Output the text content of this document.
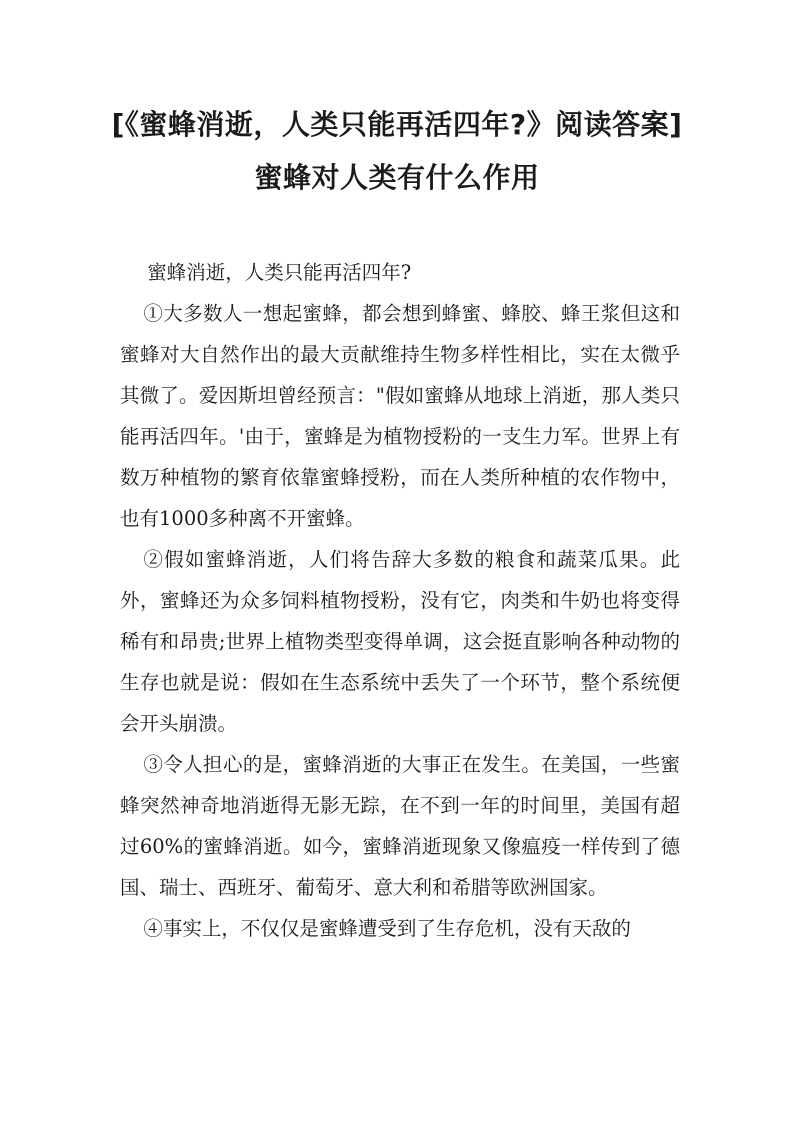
[《蜜蜂消逝，人类只能再活四年?》阅读答案]蜜蜂对人类有什么作用

蜜蜂消逝，人类只能再活四年?

①大多数人一想起蜜蜂，都会想到蜂蜜、蜂胶、蜂王浆但这和蜜蜂对大自然作出的最大贡献维持生物多样性相比，实在太微乎其微了。爱因斯坦曾经预言："假如蜜蜂从地球上消逝，那人类只能再活四年。'由于，蜜蜂是为植物授粉的一支生力军。世界上有数万种植物的繁育依靠蜜蜂授粉，而在人类所种植的农作物中，也有1000多种离不开蜜蜂。

②假如蜜蜂消逝，人们将告辞大多数的粮食和蔬菜瓜果。此外，蜜蜂还为众多饲料植物授粉，没有它，肉类和牛奶也将变得稀有和昂贵;世界上植物类型变得单调，这会挺直影响各种动物的生存也就是说：假如在生态系统中丢失了一个环节，整个系统便会开头崩溃。

③令人担心的是，蜜蜂消逝的大事正在发生。在美国，一些蜜蜂突然神奇地消逝得无影无踪，在不到一年的时间里，美国有超过60%的蜜蜂消逝。如今，蜜蜂消逝现象又像瘟疫一样传到了德国、瑞士、西班牙、葡萄牙、意大利和希腊等欧洲国家。

④事实上，不仅仅是蜜蜂遭受到了生存危机，没有天敌的
